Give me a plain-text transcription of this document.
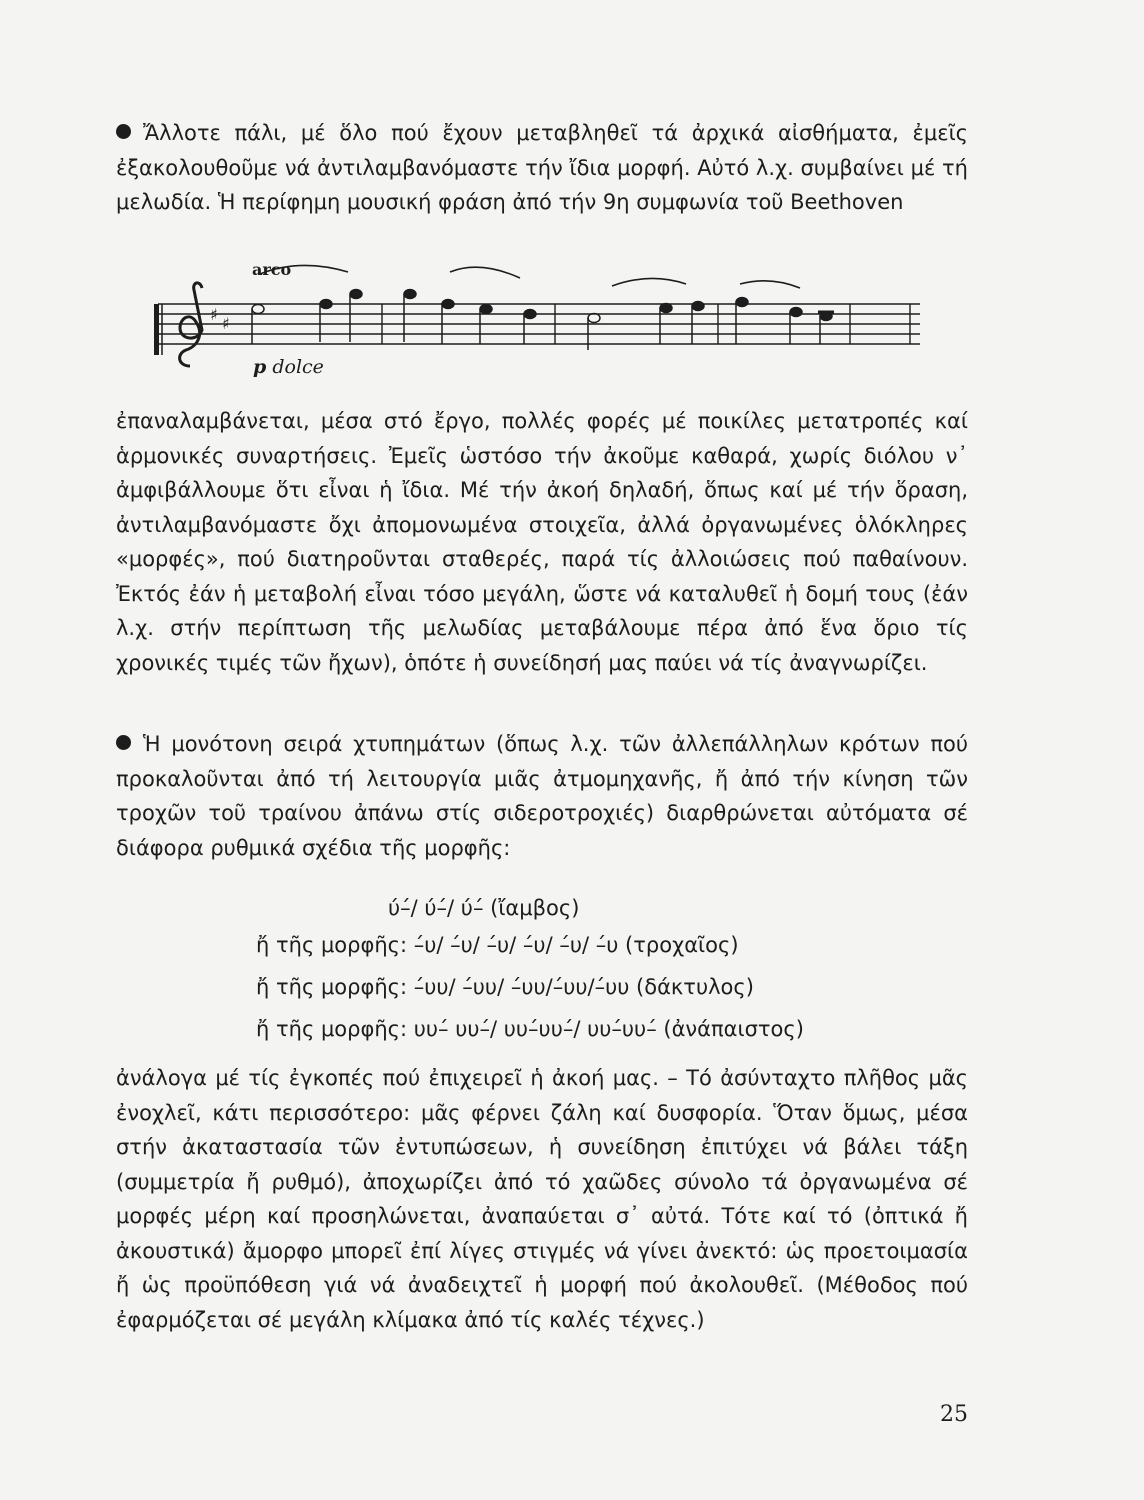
Ἄλλοτε πάλι, μέ ὅλο πού ἔχουν μεταβληθεῖ τά ἀρχικά αἰσθήματα, ἐμεῖς ἐξακολουθοῦμε νά ἀντιλαμβανόμαστε τήν ἴδια μορφή. Αὐτό λ.χ. συμβαίνει μέ τή μελωδία. Ἡ περίφημη μουσική φράση ἀπό τήν 9η συμφωνία τοῦ Beethoven

arco
♯ ♯
p dolce

ἐπαναλαμβάνεται, μέσα στό ἔργο, πολλές φορές μέ ποικίλες μετατροπές καί ἁρμονικές συναρτήσεις. Ἐμεῖς ὡστόσο τήν ἀκοῦμε καθαρά, χωρίς διόλου ν᾽ ἀμφιβάλλουμε ὅτι εἶναι ἡ ἴδια. Μέ τήν ἀκοή δηλαδή, ὅπως καί μέ τήν ὅραση, ἀντιλαμβανόμαστε ὄχι ἀπομονωμένα στοιχεῖα, ἀλλά ὀργανωμένες ὁλόκληρες «μορφές», πού διατηροῦνται σταθερές, παρά τίς ἀλλοιώσεις πού παθαίνουν. Ἐκτός ἐάν ἡ μεταβολή εἶναι τόσο μεγάλη, ὥστε νά καταλυθεῖ ἡ δομή τους (ἐάν λ.χ. στήν περίπτωση τῆς μελωδίας μεταβάλουμε πέρα ἀπό ἕνα ὅριο τίς χρονικές τιμές τῶν ἤχων), ὁπότε ἡ συνείδησή μας παύει νά τίς ἀναγνωρίζει.

Ἡ μονότονη σειρά χτυπημάτων (ὅπως λ.χ. τῶν ἀλλεπάλληλων κρότων πού προκαλοῦνται ἀπό τή λειτουργία μιᾶς ἀτμομηχανῆς, ἤ ἀπό τήν κίνηση τῶν τροχῶν τοῦ τραίνου ἀπάνω στίς σιδεροτροχιές) διαρθρώνεται αὐτόματα σέ διάφορα ρυθμικά σχέδια τῆς μορφῆς:

ύ–́/ ύ–́/ ύ–́ (ἴαμβος)
ἤ τῆς μορφῆς: –́υ/ –́υ/ –́υ/ –́υ/ –́υ/ –́υ (τροχαῖος)
ἤ τῆς μορφῆς: –́υυ/ –́υυ/ –́υυ/–́υυ/–́υυ (δάκτυλος)
ἤ τῆς μορφῆς: υυ–́ υυ–́/ υυ–́υυ–́/ υυ–́υυ–́ (ἀνάπαιστος)

ἀνάλογα μέ τίς ἐγκοπές πού ἐπιχειρεῖ ἡ ἀκοή μας. – Τό ἀσύνταχτο πλῆθος μᾶς ἐνοχλεῖ, κάτι περισσότερο: μᾶς φέρνει ζάλη καί δυσφορία. Ὅταν ὅμως, μέσα στήν ἀκαταστασία τῶν ἐντυπώσεων, ἡ συνείδηση ἐπιτύχει νά βάλει τάξη (συμμετρία ἤ ρυθμό), ἀποχωρίζει ἀπό τό χαῶδες σύνολο τά ὀργανωμένα σέ μορφές μέρη καί προσηλώνεται, ἀναπαύεται σ᾽ αὐτά. Τότε καί τό (ὀπτικά ἤ ἀκουστικά) ἄμορφο μπορεῖ ἐπί λίγες στιγμές νά γίνει ἀνεκτό: ὡς προετοιμασία ἤ ὡς προϋπόθεση γιά νά ἀναδειχτεῖ ἡ μορφή πού ἀκολουθεῖ. (Μέθοδος πού ἐφαρμόζεται σέ μεγάλη κλίμακα ἀπό τίς καλές τέχνες.)

25
